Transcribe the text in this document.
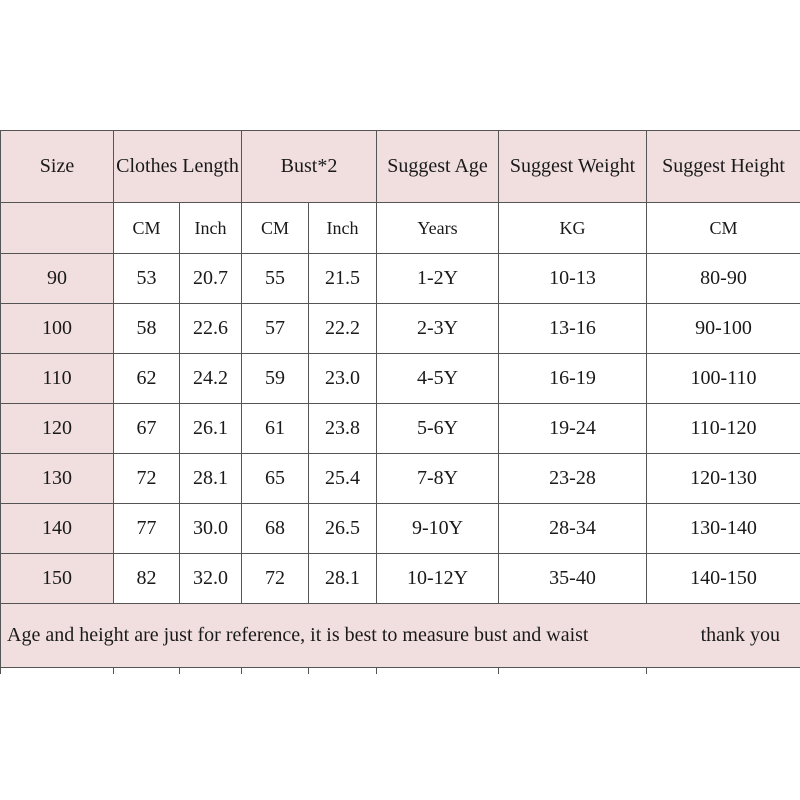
Size	Clothes Length		Bust*2		Suggest Age	Suggest Weight	Suggest Height
	CM	Inch	CM	Inch	Years	KG	CM
90	53	20.7	55	21.5	1-2Y	10-13	80-90
100	58	22.6	57	22.2	2-3Y	13-16	90-100
110	62	24.2	59	23.0	4-5Y	16-19	100-110
120	67	26.1	61	23.8	5-6Y	19-24	110-120
130	72	28.1	65	25.4	7-8Y	23-28	120-130
140	77	30.0	68	26.5	9-10Y	28-34	130-140
150	82	32.0	72	28.1	10-12Y	35-40	140-150

Age and height are just for reference, it is best to measure bust and waist thank you							
